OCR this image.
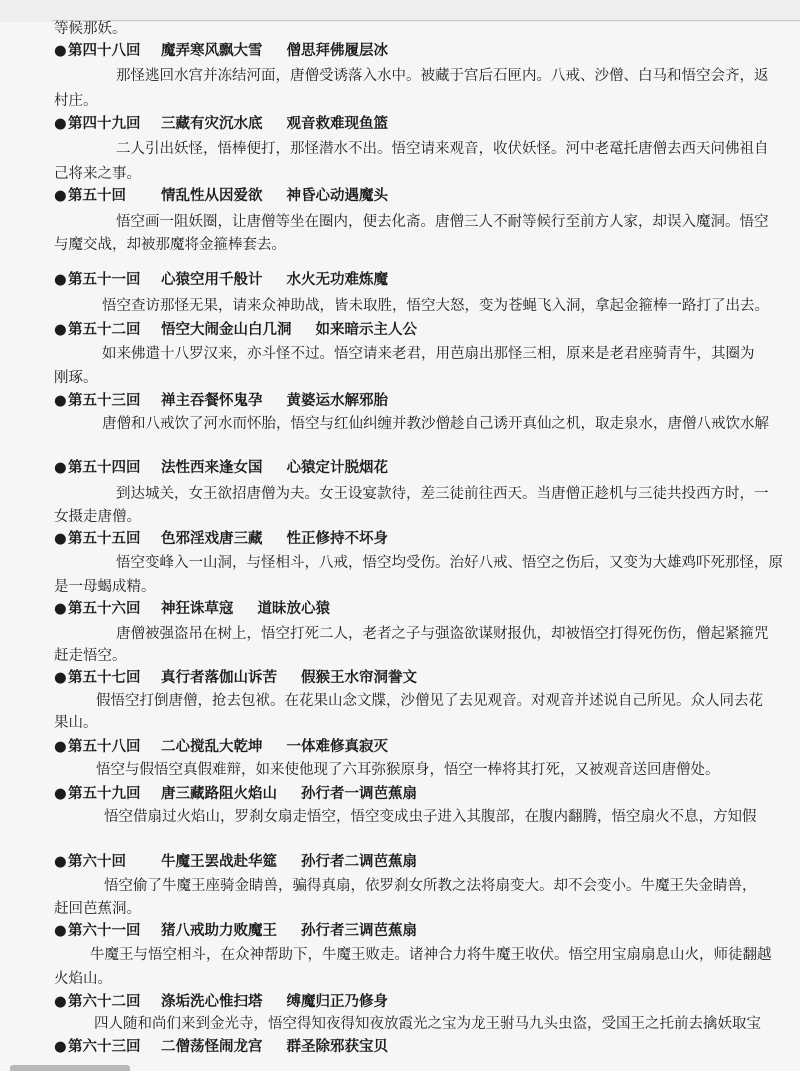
等候那妖。
●第四十八回 魔弄寒风飘大雪 僧思拜佛履层冰
那怪逃回水宫并冻结河面，唐僧受诱落入水中。被藏于宫后石匣内。八戒、沙僧、白马和悟空会齐，返
村庄。
●第四十九回 三藏有灾沉水底 观音救难现鱼篮
二人引出妖怪，悟棒便打，那怪潜水不出。悟空请来观音，收伏妖怪。河中老鼋托唐僧去西天问佛祖自
己将来之事。
●第五十回 情乱性从因爱欲 神昏心动遇魔头
悟空画一阻妖圈，让唐僧等坐在圈内，便去化斋。唐僧三人不耐等候行至前方人家，却误入魔洞。悟空
与魔交战，却被那魔将金箍棒套去。
●第五十一回 心猿空用千般计 水火无功难炼魔
悟空查访那怪无果，请来众神助战，皆未取胜，悟空大怒，变为苍蝇飞入洞，拿起金箍棒一路打了出去。
●第五十二回 悟空大闹金山白几洞 如来暗示主人公
如来佛遣十八罗汉来，亦斗怪不过。悟空请来老君，用芭扇出那怪三相，原来是老君座骑青牛，其圈为
刚琢。
●第五十三回 禅主吞餐怀鬼孕 黄婆运水解邪胎
唐僧和八戒饮了河水而怀胎，悟空与红仙纠缠并教沙僧趁自己诱开真仙之机，取走泉水，唐僧八戒饮水解
●第五十四回 法性西来逢女国 心猿定计脱烟花
到达城关，女王欲招唐僧为夫。女王设宴款待，差三徒前往西天。当唐僧正趁机与三徒共投西方时，一
女摄走唐僧。
●第五十五回 色邪淫戏唐三藏 性正修持不坏身
悟空变峰入一山洞，与怪相斗，八戒，悟空均受伤。治好八戒、悟空之伤后，又变为大雄鸡吓死那怪，原
是一母蝎成精。
●第五十六回 神狂诛草寇 道昧放心猿
唐僧被强盗吊在树上，悟空打死二人，老者之子与强盗欲谋财报仇，却被悟空打得死伤伤，僧起紧箍咒
赶走悟空。
●第五十七回 真行者落伽山诉苦 假猴王水帘洞誊文
假悟空打倒唐僧，抢去包袱。在花果山念文牒，沙僧见了去见观音。对观音并述说自己所见。众人同去花
果山。
●第五十八回 二心搅乱大乾坤 一体难修真寂灭
悟空与假悟空真假难辩，如来使他现了六耳弥猴原身，悟空一棒将其打死，又被观音送回唐僧处。
●第五十九回 唐三藏路阻火焰山 孙行者一调芭蕉扇
悟空借扇过火焰山，罗刹女扇走悟空，悟空变成虫子进入其腹部，在腹内翻腾，悟空扇火不息，方知假
●第六十回 牛魔王罢战赴华筵 孙行者二调芭蕉扇
悟空偷了牛魔王座骑金睛兽，骗得真扇，依罗刹女所教之法将扇变大。却不会变小。牛魔王失金睛兽，
赶回芭蕉洞。
●第六十一回 猪八戒助力败魔王 孙行者三调芭蕉扇
牛魔王与悟空相斗，在众神帮助下，牛魔王败走。诸神合力将牛魔王收伏。悟空用宝扇扇息山火，师徒翻越
火焰山。
●第六十二回 涤垢洗心惟扫塔 缚魔归正乃修身
四人随和尚们来到金光寺，悟空得知夜得知夜放霞光之宝为龙王驸马九头虫盗，受国王之托前去擒妖取宝
●第六十三回 二僧荡怪闹龙宫 群圣除邪获宝贝
